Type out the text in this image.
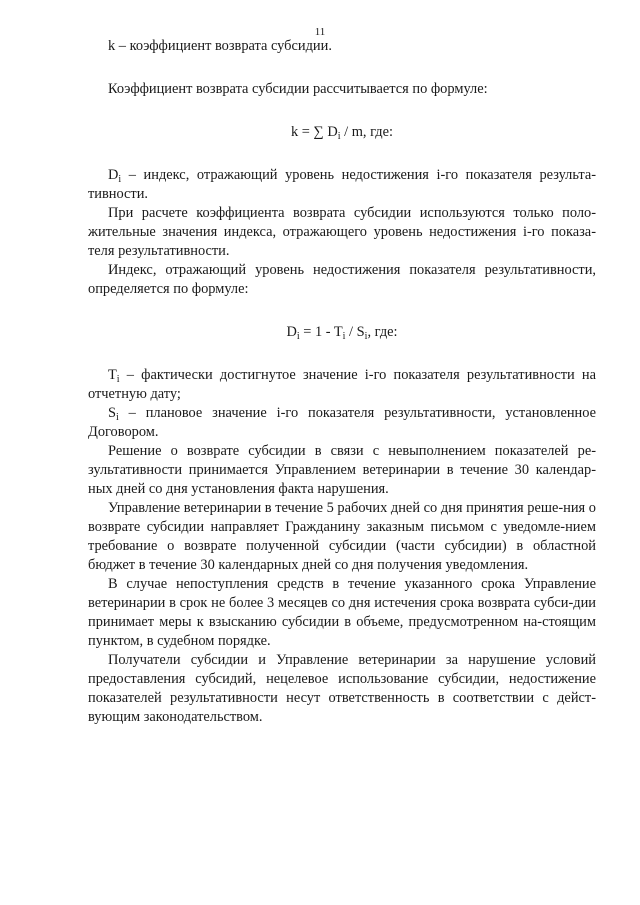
11

k – коэффициент возврата субсидии.

Коэффициент возврата субсидии рассчитывается по формуле:

k = ∑ $D_i$ / m, где:

$D_i$ – индекс, отражающий уровень недостижения i-го показателя результа-тивности.

При расчете коэффициента возврата субсидии используются только поло-жительные значения индекса, отражающего уровень недостижения i-го показа-теля результативности.

Индекс, отражающий уровень недостижения показателя результативности, определяется по формуле:

$D_i = 1 - T_i / S_i$, где:

$T_i$ – фактически достигнутое значение i-го показателя результативности на отчетную дату;

$S_i$ – плановое значение i-го показателя результативности, установленное Договором.

Решение о возврате субсидии в связи с невыполнением показателей ре-зультативности принимается Управлением ветеринарии в течение 30 календар-ных дней со дня установления факта нарушения.

Управление ветеринарии в течение 5 рабочих дней со дня принятия реше-ния о возврате субсидии направляет Гражданину заказным письмом с уведомле-нием требование о возврате полученной субсидии (части субсидии) в областной бюджет в течение 30 календарных дней со дня получения уведомления.

В случае непоступления средств в течение указанного срока Управление ветеринарии в срок не более 3 месяцев со дня истечения срока возврата субси-дии принимает меры к взысканию субсидии в объеме, предусмотренном на-стоящим пунктом, в судебном порядке.

Получатели субсидии и Управление ветеринарии за нарушение условий предоставления субсидий, нецелевое использование субсидии, недостижение показателей результативности несут ответственность в соответствии с дейст-вующим законодательством.
